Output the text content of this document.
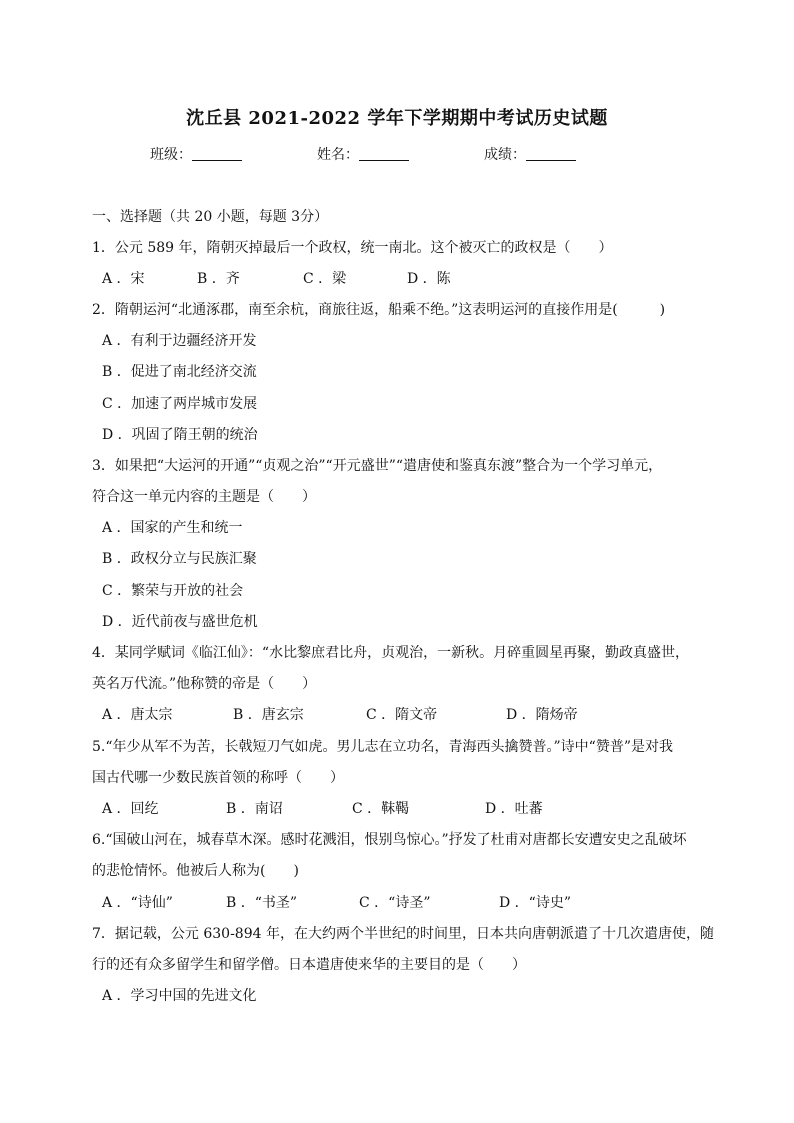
沈丘县 2021-2022 学年下学期期中考试历史试题
班级：	姓名：	成绩：
一、选择题（共 20 小题，每题 3分）
1．公元 589 年，隋朝灭掉最后一个政权，统一南北。这个被灭亡的政权是（　　）
A ．宋	B ．齐	C ．梁	D ．陈
2．隋朝运河“北通涿郡，南至余杭，商旅往返，船乘不绝。”这表明运河的直接作用是(　　　)
A ．有利于边疆经济开发
B ．促进了南北经济交流
C ．加速了两岸城市发展
D ．巩固了隋王朝的统治
3．如果把“大运河的开通”“贞观之治”“开元盛世”“遣唐使和鉴真东渡”整合为一个学习单元，
符合这一单元内容的主题是（　　）
A ．国家的产生和统一
B ．政权分立与民族汇聚
C ．繁荣与开放的社会
D ．近代前夜与盛世危机
4．某同学赋词《临江仙》：“水比黎庶君比舟，贞观治，一新秋。月碎重圆星再聚，勤政真盛世，
英名万代流。”他称赞的帝是（　　）
A ．唐太宗	B ．唐玄宗	C ．隋文帝	D ．隋炀帝
5.“年少从军不为苦，长戟短刀气如虎。男儿志在立功名，青海西头擒赞普。”诗中“赞普”是对我
国古代哪一少数民族首领的称呼（　　）
A ．回纥	B ．南诏	C ．靺鞨	D ．吐蕃
6.“国破山河在，城春草木深。感时花溅泪，恨别鸟惊心。”抒发了杜甫对唐都长安遭安史之乱破坏
的悲怆情怀。他被后人称为(　　)
A ．“诗仙”	B ．“书圣”	C ．“诗圣”	D ．“诗史”
7．据记载，公元 630-894 年，在大约两个半世纪的时间里，日本共向唐朝派遣了十几次遣唐使，随
行的还有众多留学生和留学僧。日本遣唐使来华的主要目的是（　　）
A ．学习中国的先进文化
